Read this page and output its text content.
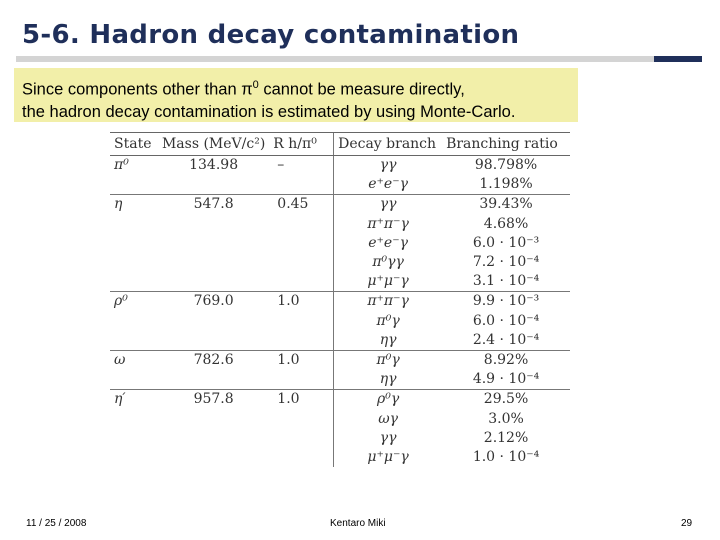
5-6. Hadron decay contamination
Since components other than $\pi^0$ cannot be measure directly,
the hadron decay contamination is estimated by using Monte-Carlo.
State	Mass (MeV/c²)	R h/π⁰	Decay branch	Branching ratio
π⁰	134.98	–	γγ	98.798%
			e⁺e⁻γ	1.198%
η	547.8	0.45	γγ	39.43%
			π⁺π⁻γ	4.68%
			e⁺e⁻γ	6.0 · 10⁻³
			π⁰γγ	7.2 · 10⁻⁴
			μ⁺μ⁻γ	3.1 · 10⁻⁴
ρ⁰	769.0	1.0	π⁺π⁻γ	9.9 · 10⁻³
			π⁰γ	6.0 · 10⁻⁴
			ηγ	2.4 · 10⁻⁴
ω	782.6	1.0	π⁰γ	8.92%
			ηγ	4.9 · 10⁻⁴
η′	957.8	1.0	ρ⁰γ	29.5%
			ωγ	3.0%
			γγ	2.12%
			μ⁺μ⁻γ	1.0 · 10⁻⁴
11 / 25 / 2008	Kentaro Miki	29
